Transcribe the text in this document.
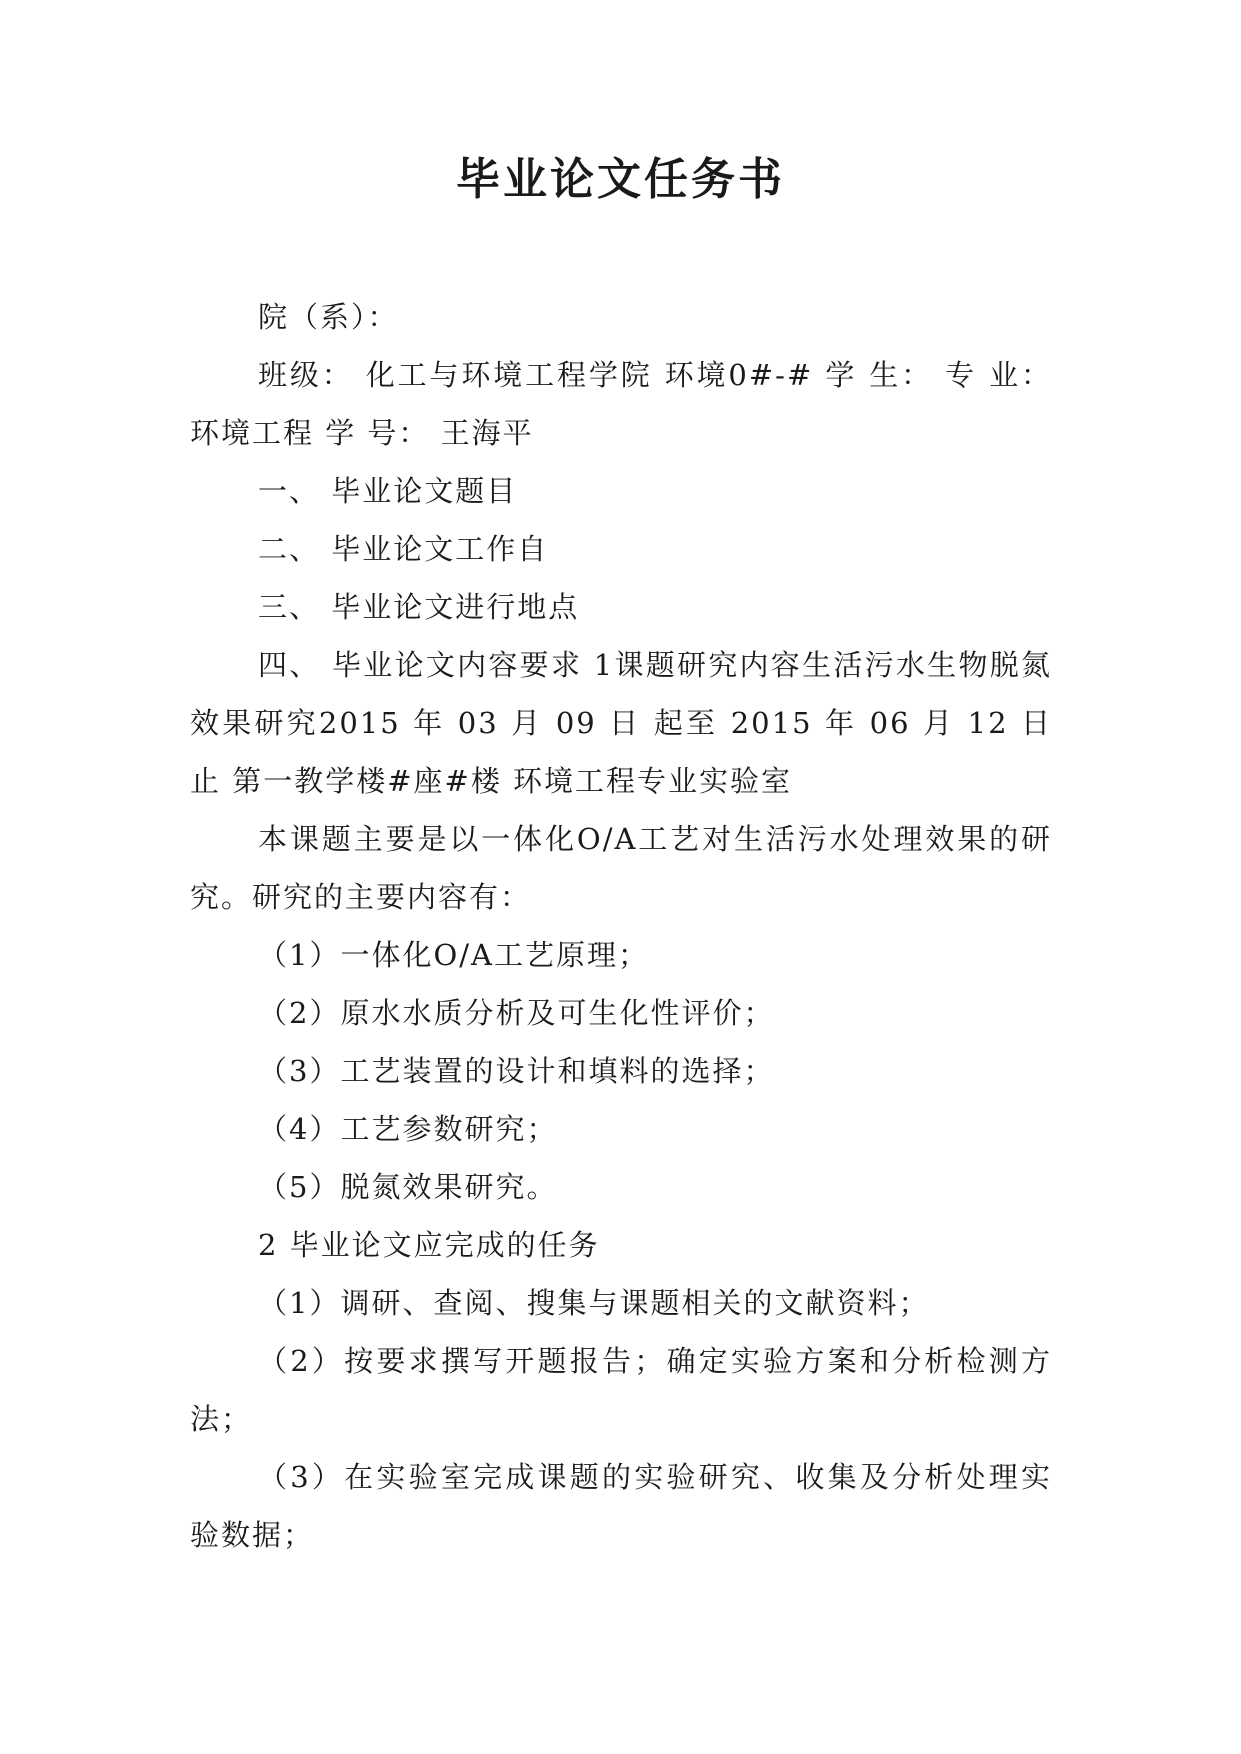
毕业论文任务书

院（系）：

班级： 化工与环境工程学院 环境0#-# 学 生： 专 业：环境工程 学 号： 王海平

一、 毕业论文题目

二、 毕业论文工作自

三、 毕业论文进行地点

四、 毕业论文内容要求 1课题研究内容生活污水生物脱氮效果研究2015 年 03 月 09 日 起至 2015 年 06 月 12 日止 第一教学楼#座#楼 环境工程专业实验室

本课题主要是以一体化O/A工艺对生活污水处理效果的研究。研究的主要内容有：

（1）一体化O/A工艺原理；

（2）原水水质分析及可生化性评价；

（3）工艺装置的设计和填料的选择；

（4）工艺参数研究；

（5）脱氮效果研究。

2 毕业论文应完成的任务

（1）调研、查阅、搜集与课题相关的文献资料；

（2）按要求撰写开题报告；确定实验方案和分析检测方法；

（3）在实验室完成课题的实验研究、收集及分析处理实验数据；
